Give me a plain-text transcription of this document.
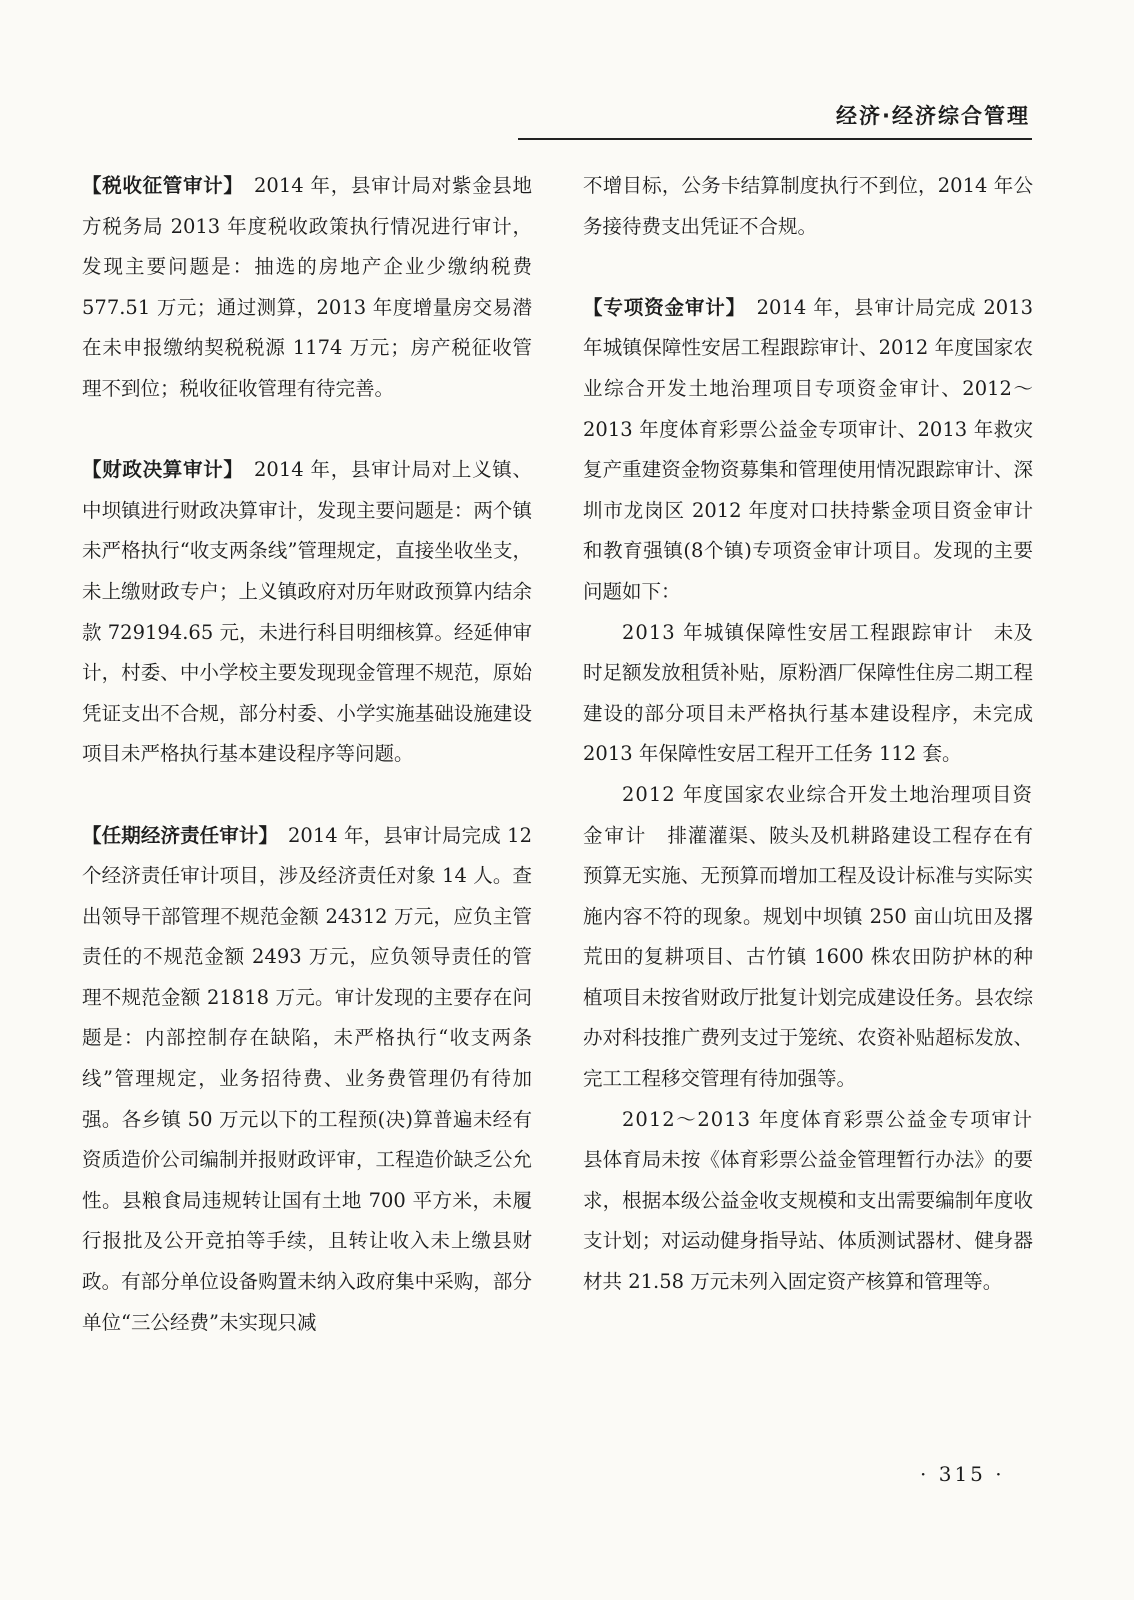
经济·经济综合管理

【税收征管审计】　 2014 年，县审计局对紫金县地方税务局 2013 年度税收政策执行情况进行审计，发现主要问题是：抽选的房地产企业少缴纳税费 577.51 万元；通过测算，2013 年度增量房交易潜在未申报缴纳契税税源 1174 万元；房产税征收管理不到位；税收征收管理有待完善。

【财政决算审计】　 2014 年，县审计局对上义镇、中坝镇进行财政决算审计，发现主要问题是：两个镇未严格执行“收支两条线”管理规定，直接坐收坐支，未上缴财政专户；上义镇政府对历年财政预算内结余款 729194.65 元，未进行科目明细核算。经延伸审计，村委、中小学校主要发现现金管理不规范，原始凭证支出不合规，部分村委、小学实施基础设施建设项目未严格执行基本建设程序等问题。

【任期经济责任审计】　 2014 年，县审计局完成 12 个经济责任审计项目，涉及经济责任对象 14 人。查出领导干部管理不规范金额 24312 万元，应负主管责任的不规范金额 2493 万元，应负领导责任的管理不规范金额 21818 万元。审计发现的主要存在问题是：内部控制存在缺陷，未严格执行“收支两条线”管理规定，业务招待费、业务费管理仍有待加强。各乡镇 50 万元以下的工程预(决)算普遍未经有资质造价公司编制并报财政评审，工程造价缺乏公允性。县粮食局违规转让国有土地 700 平方米，未履行报批及公开竞拍等手续，且转让收入未上缴县财政。有部分单位设备购置未纳入政府集中采购，部分单位“三公经费”未实现只减

不增目标，公务卡结算制度执行不到位，2014 年公务接待费支出凭证不合规。

【专项资金审计】　 2014 年，县审计局完成 2013 年城镇保障性安居工程跟踪审计、2012 年度国家农业综合开发土地治理项目专项资金审计、2012～2013 年度体育彩票公益金专项审计、2013 年救灾复产重建资金物资募集和管理使用情况跟踪审计、深圳市龙岗区 2012 年度对口扶持紫金项目资金审计和教育强镇(8个镇)专项资金审计项目。发现的主要问题如下：

2013 年城镇保障性安居工程跟踪审计　 未及时足额发放租赁补贴，原粉酒厂保障性住房二期工程建设的部分项目未严格执行基本建设程序，未完成 2013 年保障性安居工程开工任务 112 套。

2012 年度国家农业综合开发土地治理项目资金审计　 排灌灌渠、陂头及机耕路建设工程存在有预算无实施、无预算而增加工程及设计标准与实际实施内容不符的现象。规划中坝镇 250 亩山坑田及撂荒田的复耕项目、古竹镇 1600 株农田防护林的种植项目未按省财政厅批复计划完成建设任务。县农综办对科技推广费列支过于笼统、农资补贴超标发放、完工工程移交管理有待加强等。

2012～2013 年度体育彩票公益金专项审计　县体育局未按《体育彩票公益金管理暂行办法》的要求，根据本级公益金收支规模和支出需要编制年度收支计划；对运动健身指导站、体质测试器材、健身器材共 21.58 万元未列入固定资产核算和管理等。

· 315 ·
